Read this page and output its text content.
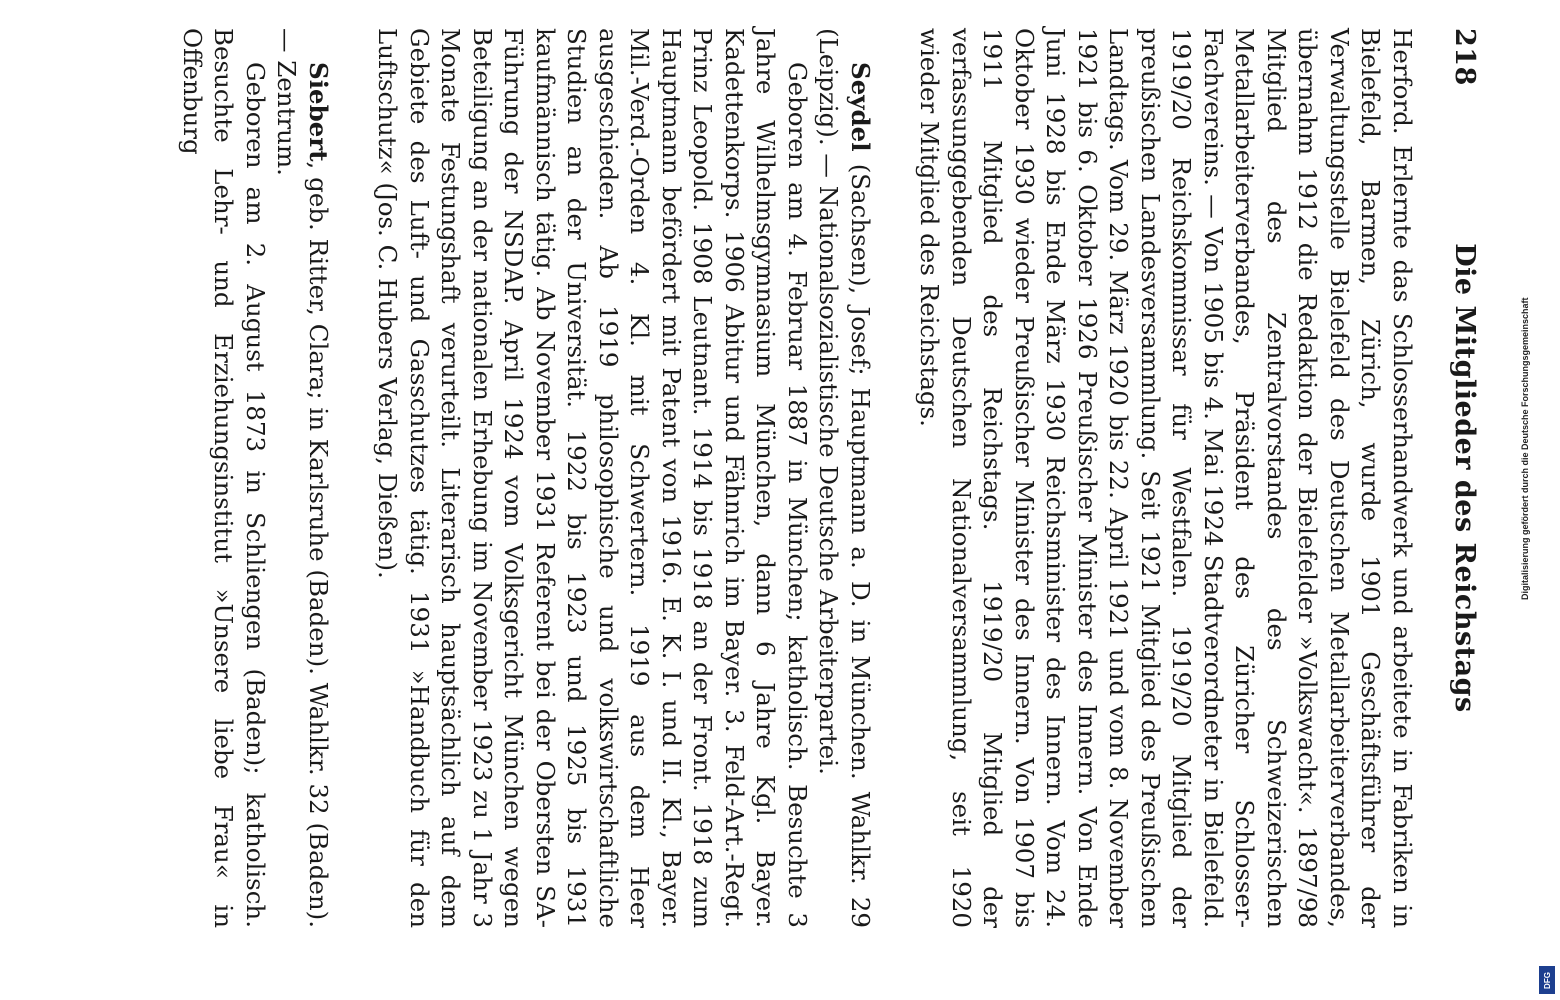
218
Die Mitglieder des Reichstags

Herford. Erlernte das Schlosserhandwerk und arbeitete in Fabriken in Bielefeld, Barmen, Zürich, wurde 1901 Geschäftsführer der Verwaltungsstelle Bielefeld des Deutschen Metallarbeiterverbandes, übernahm 1912 die Redaktion der Bielefelder »Volkswacht«. 1897/98 Mitglied des Zentralvorstandes des Schweizerischen Metallarbeiterverbandes, Präsident des Züricher Schlosser-Fachvereins. — Von 1905 bis 4. Mai 1924 Stadtverordneter in Bielefeld. 1919/20 Reichskommissar für Westfalen. 1919/20 Mitglied der preußischen Landesversammlung. Seit 1921 Mitglied des Preußischen Landtags. Vom 29. März 1920 bis 22. April 1921 und vom 8. November 1921 bis 6. Oktober 1926 Preußischer Minister des Innern. Von Ende Juni 1928 bis Ende März 1930 Reichsminister des Innern. Vom 24. Oktober 1930 wieder Preußischer Minister des Innern. Von 1907 bis 1911 Mitglied des Reichstags. 1919/20 Mitglied der verfassunggebenden Deutschen Nationalversammlung, seit 1920 wieder Mitglied des Reichstags.

Seydel (Sachsen), Josef; Hauptmann a. D. in München. Wahlkr. 29 (Leipzig). — Nationalsozialistische Deutsche Arbeiterpartei.

Geboren am 4. Februar 1887 in München; katholisch. Besuchte 3 Jahre Wilhelmsgymnasium München, dann 6 Jahre Kgl. Bayer. Kadettenkorps. 1906 Abitur und Fähnrich im Bayer. 3. Feld-Art.-Regt. Prinz Leopold. 1908 Leutnant. 1914 bis 1918 an der Front. 1918 zum Hauptmann befördert mit Patent von 1916. E. K. I. und II. Kl., Bayer. Mil.-Verd.-Orden 4. Kl. mit Schwertern. 1919 aus dem Heer ausgeschieden. Ab 1919 philosophische und volkswirtschaftliche Studien an der Universität. 1922 bis 1923 und 1925 bis 1931 kaufmännisch tätig. Ab November 1931 Referent bei der Obersten SA-Führung der NSDAP. April 1924 vom Volksgericht München wegen Beteiligung an der nationalen Erhebung im November 1923 zu 1 Jahr 3 Monate Festungshaft verurteilt. Literarisch hauptsächlich auf dem Gebiete des Luft- und Gasschutzes tätig. 1931 »Handbuch für den Luftschutz« (Jos. C. Hubers Verlag, Dießen).

Siebert, geb. Ritter, Clara; in Karlsruhe (Baden). Wahlkr. 32 (Baden). — Zentrum.

Geboren am 2. August 1873 in Schliengen (Baden); katholisch. Besuchte Lehr- und Erziehungsinstitut »Unsere liebe Frau« in Offenburg

Digitalisierung gefördert durch die Deutsche Forschungsgemeinschaft
DFG
